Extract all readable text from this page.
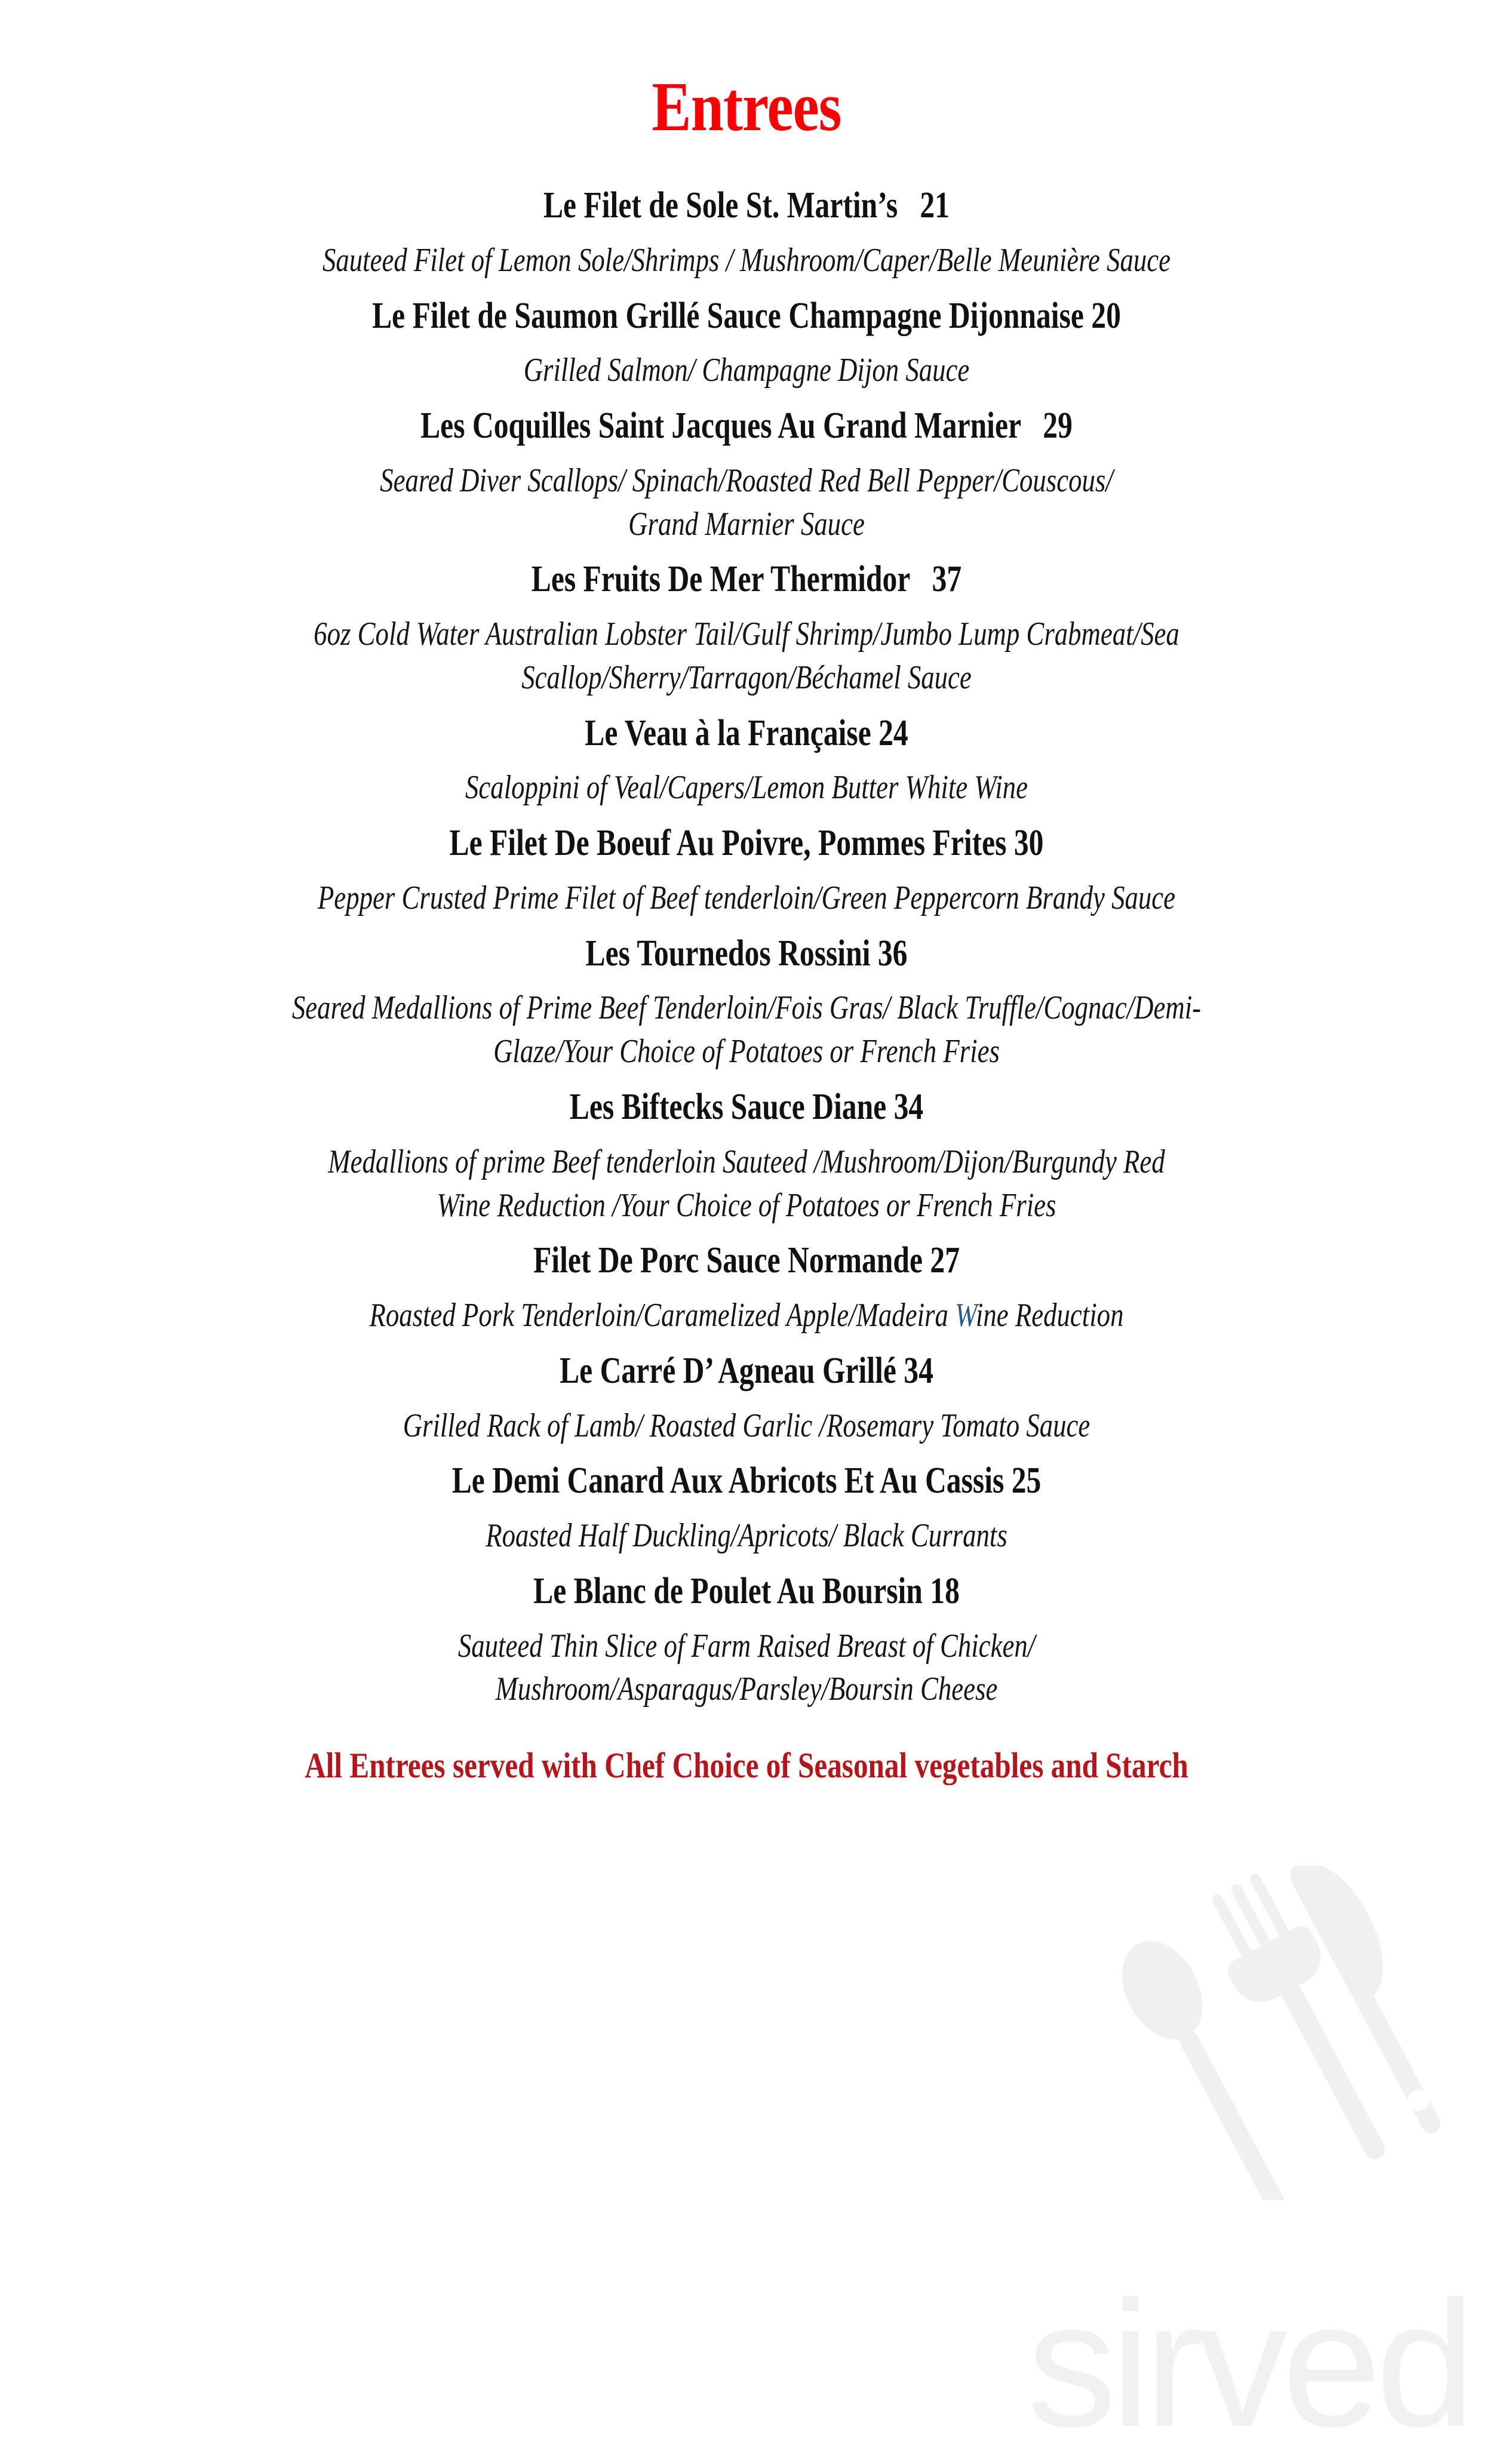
sirved
Entrees
Le Filet de Sole St. Martin’s   21
Sauteed Filet of Lemon Sole/Shrimps / Mushroom/Caper/Belle Meunière Sauce
Le Filet de Saumon Grillé Sauce Champagne Dijonnaise 20
Grilled Salmon/ Champagne Dijon Sauce
Les Coquilles Saint Jacques Au Grand Marnier   29
Seared Diver Scallops/ Spinach/Roasted Red Bell Pepper/Couscous/
Grand Marnier Sauce
Les Fruits De Mer Thermidor   37
6oz Cold Water Australian Lobster Tail/Gulf Shrimp/Jumbo Lump Crabmeat/Sea
Scallop/Sherry/Tarragon/Béchamel Sauce
Le Veau à la Française 24
Scaloppini of Veal/Capers/Lemon Butter White Wine
Le Filet De Boeuf Au Poivre, Pommes Frites 30
Pepper Crusted Prime Filet of Beef tenderloin/Green Peppercorn Brandy Sauce
Les Tournedos Rossini 36
Seared Medallions of Prime Beef Tenderloin/Fois Gras/ Black Truffle/Cognac/Demi-
Glaze/Your Choice of Potatoes or French Fries
Les Biftecks Sauce Diane 34
Medallions of prime Beef tenderloin Sauteed /Mushroom/Dijon/Burgundy Red
Wine Reduction /Your Choice of Potatoes or French Fries
Filet De Porc Sauce Normande 27
Roasted Pork Tenderloin/Caramelized Apple/Madeira Wine Reduction
Le Carré D’ Agneau Grillé 34
Grilled Rack of Lamb/ Roasted Garlic /Rosemary Tomato Sauce
Le Demi Canard Aux Abricots Et Au Cassis 25
Roasted Half Duckling/Apricots/ Black Currants
Le Blanc de Poulet Au Boursin 18
Sauteed Thin Slice of Farm Raised Breast of Chicken/
Mushroom/Asparagus/Parsley/Boursin Cheese

All Entrees served with Chef Choice of Seasonal vegetables and Starch
